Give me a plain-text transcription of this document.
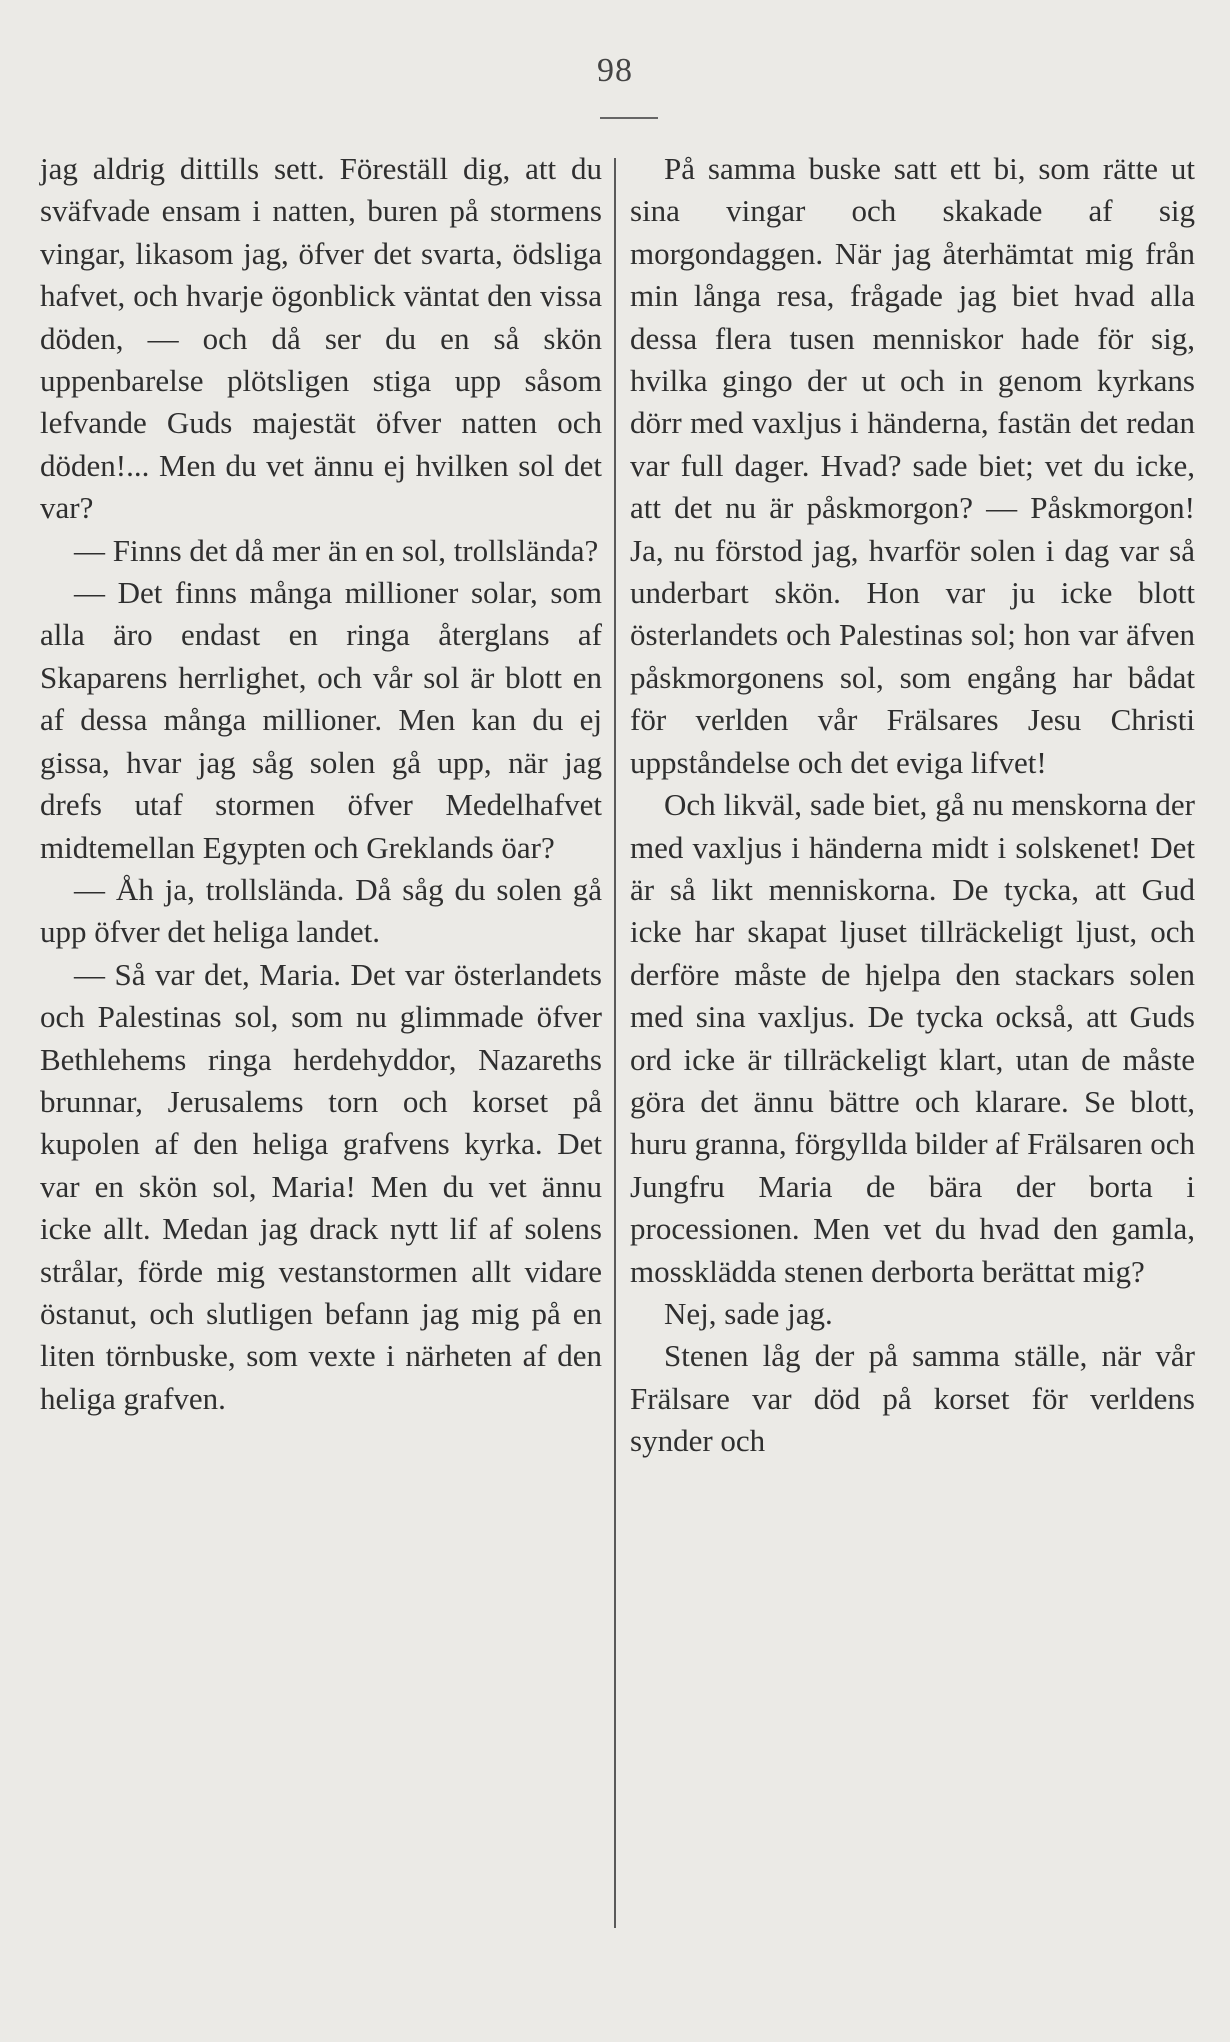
98

jag aldrig dittills sett. Föreställ dig, att du sväfvade ensam i natten, buren på stormens vingar, likasom jag, öfver det svarta, ödsliga hafvet, och hvarje ögonblick väntat den vissa döden, — och då ser du en så skön uppenbarelse plötsligen stiga upp såsom lefvande Guds majestät öfver natten och döden!... Men du vet ännu ej hvilken sol det var?

— Finns det då mer än en sol, trollslända?

— Det finns många millioner solar, som alla äro endast en ringa återglans af Skaparens herrlighet, och vår sol är blott en af dessa många millioner. Men kan du ej gissa, hvar jag såg solen gå upp, när jag drefs utaf stormen öfver Medelhafvet midtemellan Egypten och Greklands öar?

— Åh ja, trollslända. Då såg du solen gå upp öfver det heliga landet.

— Så var det, Maria. Det var österlandets och Palestinas sol, som nu glimmade öfver Bethlehems ringa herdehyddor, Nazareths brunnar, Jerusalems torn och korset på kupolen af den heliga grafvens kyrka. Det var en skön sol, Maria! Men du vet ännu icke allt. Medan jag drack nytt lif af solens strålar, förde mig vestanstormen allt vidare östanut, och slutligen befann jag mig på en liten törnbuske, som vexte i närheten af den heliga grafven.

På samma buske satt ett bi, som rätte ut sina vingar och skakade af sig morgondaggen. När jag återhämtat mig från min långa resa, frågade jag biet hvad alla dessa flera tusen menniskor hade för sig, hvilka gingo der ut och in genom kyrkans dörr med vaxljus i händerna, fastän det redan var full dager. Hvad? sade biet; vet du icke, att det nu är påskmorgon? — Påskmorgon! Ja, nu förstod jag, hvarför solen i dag var så underbart skön. Hon var ju icke blott österlandets och Palestinas sol; hon var äfven påskmorgonens sol, som engång har bådat för verlden vår Frälsares Jesu Christi uppståndelse och det eviga lifvet!

Och likväl, sade biet, gå nu menskorna der med vaxljus i händerna midt i solskenet! Det är så likt menniskorna. De tycka, att Gud icke har skapat ljuset tillräckeligt ljust, och derföre måste de hjelpa den stackars solen med sina vaxljus. De tycka också, att Guds ord icke är tillräckeligt klart, utan de måste göra det ännu bättre och klarare. Se blott, huru granna, förgyllda bilder af Frälsaren och Jungfru Maria de bära der borta i processionen. Men vet du hvad den gamla, mossklädda stenen derborta berättat mig?

Nej, sade jag.

Stenen låg der på samma ställe, när vår Frälsare var död på korset för verldens synder och
